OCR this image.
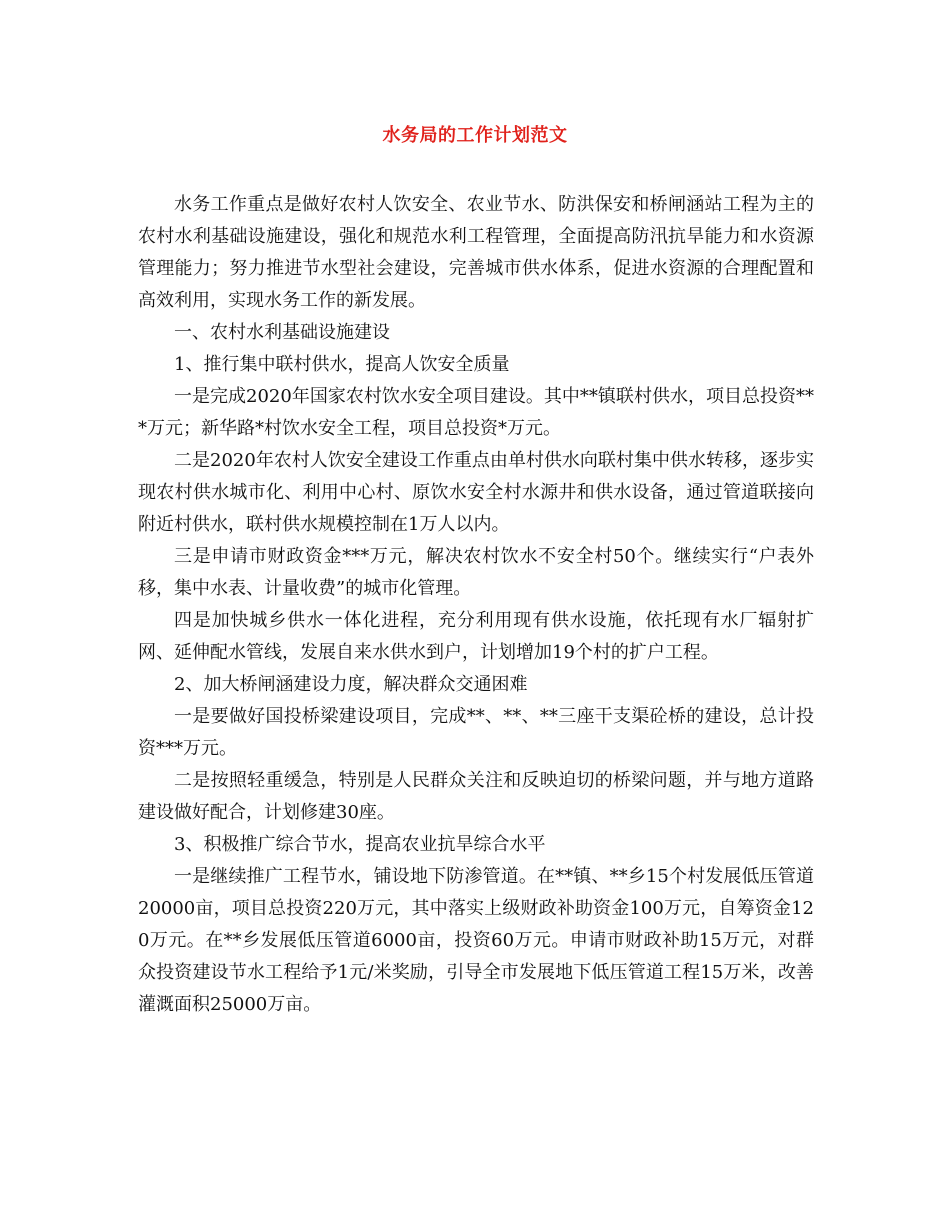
水务局的工作计划范文

水务工作重点是做好农村人饮安全、农业节水、防洪保安和桥闸涵站工程为主的农村水利基础设施建设，强化和规范水利工程管理，全面提高防汛抗旱能力和水资源管理能力；努力推进节水型社会建设，完善城市供水体系，促进水资源的合理配置和高效利用，实现水务工作的新发展。

一、农村水利基础设施建设

1、推行集中联村供水，提高人饮安全质量

一是完成2020年国家农村饮水安全项目建设。其中**镇联村供水，项目总投资***万元；新华路*村饮水安全工程，项目总投资*万元。

二是2020年农村人饮安全建设工作重点由单村供水向联村集中供水转移，逐步实现农村供水城市化、利用中心村、原饮水安全村水源井和供水设备，通过管道联接向附近村供水，联村供水规模控制在1万人以内。

三是申请市财政资金***万元，解决农村饮水不安全村50个。继续实行“户表外移，集中水表、计量收费”的城市化管理。

四是加快城乡供水一体化进程，充分利用现有供水设施，依托现有水厂辐射扩网、延伸配水管线，发展自来水供水到户，计划增加19个村的扩户工程。

2、加大桥闸涵建设力度，解决群众交通困难

一是要做好国投桥梁建设项目，完成**、**、**三座干支渠砼桥的建设，总计投资***万元。

二是按照轻重缓急，特别是人民群众关注和反映迫切的桥梁问题，并与地方道路建设做好配合，计划修建30座。

3、积极推广综合节水，提高农业抗旱综合水平

一是继续推广工程节水，铺设地下防渗管道。在**镇、**乡15个村发展低压管道20000亩，项目总投资220万元，其中落实上级财政补助资金100万元，自筹资金120万元。在**乡发展低压管道6000亩，投资60万元。申请市财政补助15万元，对群众投资建设节水工程给予1元/米奖励，引导全市发展地下低压管道工程15万米，改善灌溉面积25000万亩。
